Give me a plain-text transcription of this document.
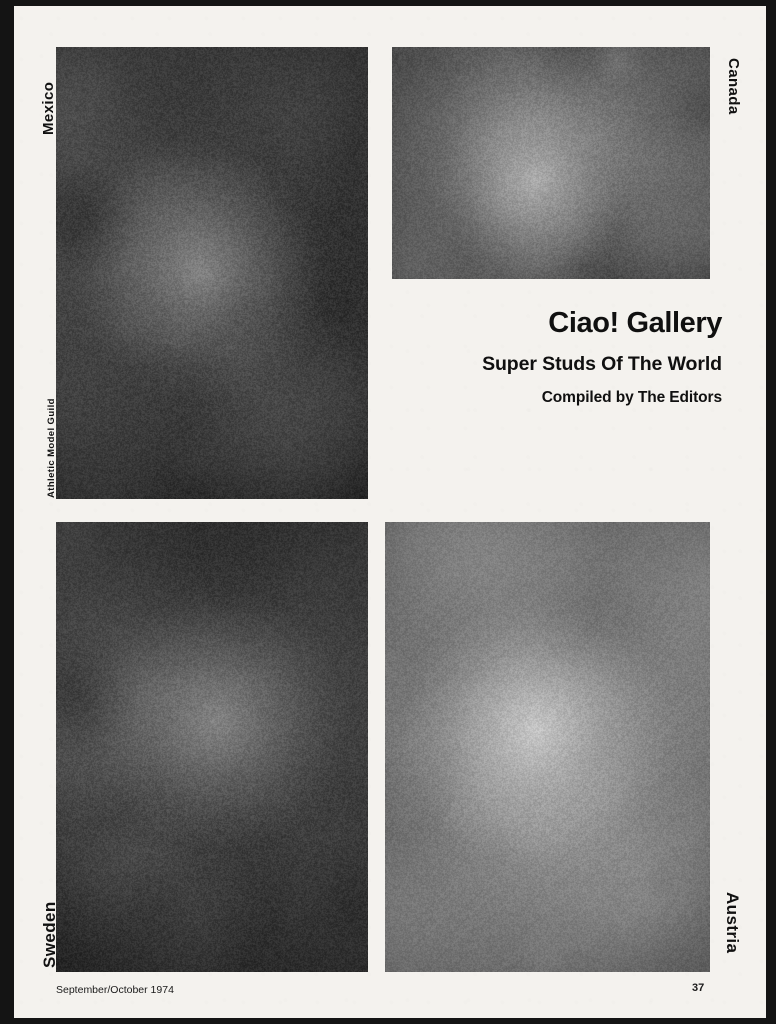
Mexico
Athletic Model Guild
Sweden
Canada
Austria
Ciao! Gallery
Super Studs Of The World
Compiled by The Editors
September/October 1974	37
